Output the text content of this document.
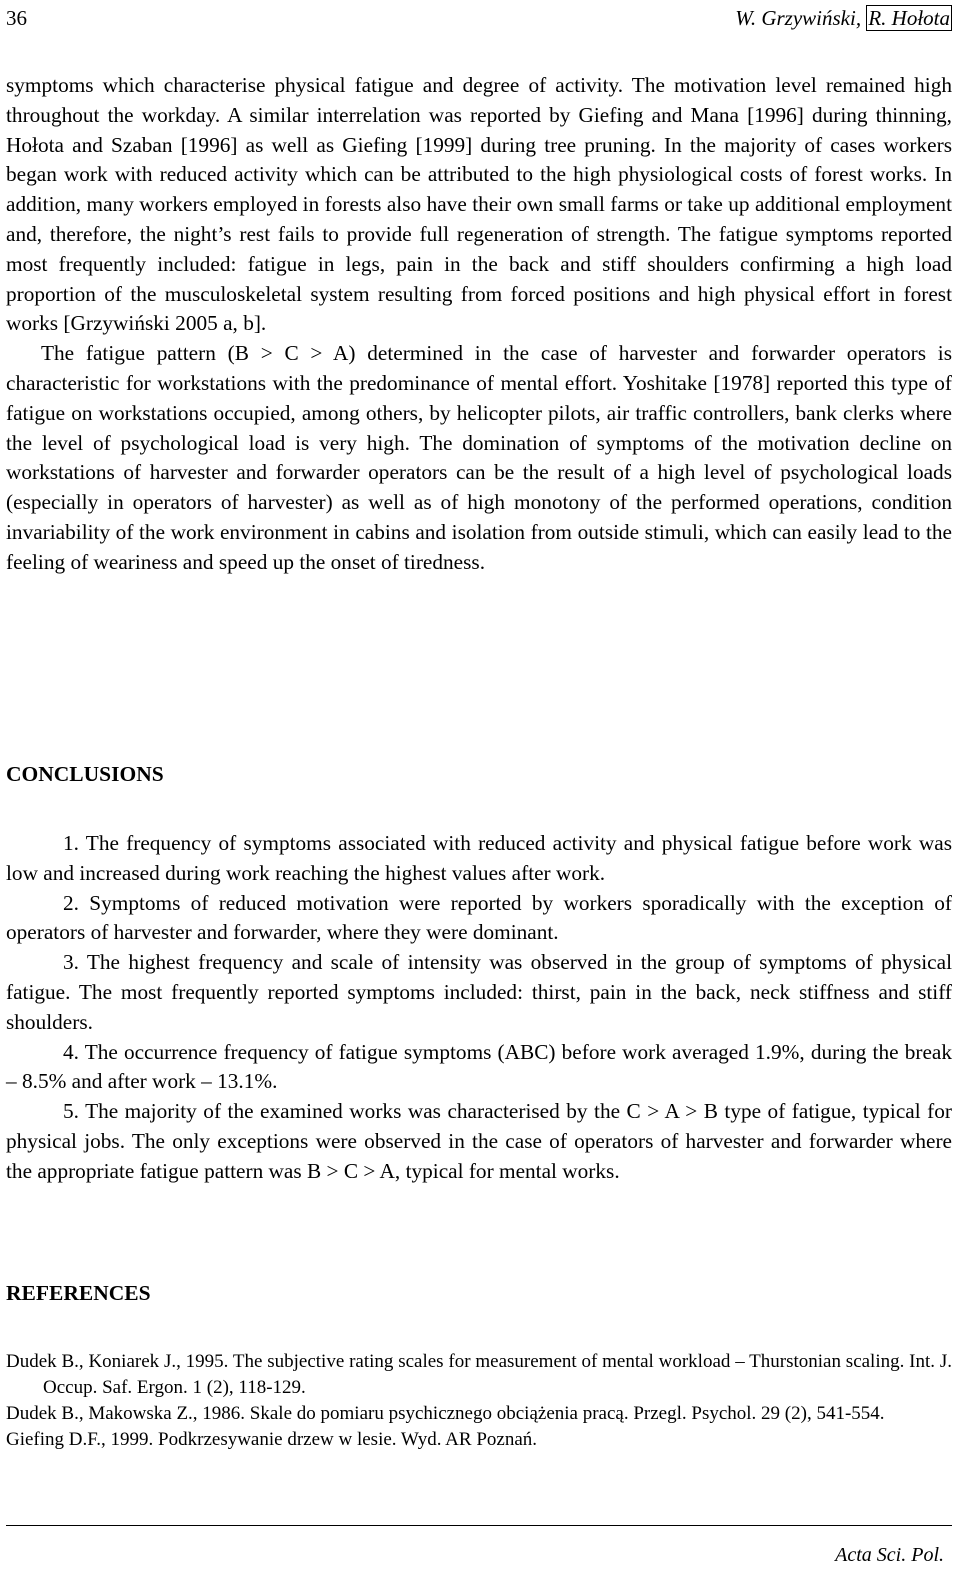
36	W. Grzywiński, R. Hołota

symptoms which characterise physical fatigue and degree of activity. The motivation level remained high throughout the workday. A similar interrelation was reported by Giefing and Mana [1996] during thinning, Hołota and Szaban [1996] as well as Giefing [1999] during tree pruning. In the majority of cases workers began work with reduced activity which can be attributed to the high physiological costs of forest works. In addition, many workers employed in forests also have their own small farms or take up additional employment and, therefore, the night’s rest fails to provide full regeneration of strength. The fatigue symptoms reported most frequently included: fatigue in legs, pain in the back and stiff shoulders confirming a high load proportion of the musculoskeletal system resulting from forced positions and high physical effort in forest works [Grzywiński 2005 a, b].

The fatigue pattern (B > C > A) determined in the case of harvester and forwarder operators is characteristic for workstations with the predominance of mental effort. Yoshitake [1978] reported this type of fatigue on workstations occupied, among others, by helicopter pilots, air traffic controllers, bank clerks where the level of psychological load is very high. The domination of symptoms of the motivation decline on workstations of harvester and forwarder operators can be the result of a high level of psychological loads (especially in operators of harvester) as well as of high monotony of the performed operations, condition invariability of the work environment in cabins and isolation from outside stimuli, which can easily lead to the feeling of weariness and speed up the onset of tiredness.

CONCLUSIONS

1. The frequency of symptoms associated with reduced activity and physical fatigue before work was low and increased during work reaching the highest values after work.

2. Symptoms of reduced motivation were reported by workers sporadically with the exception of operators of harvester and forwarder, where they were dominant.

3. The highest frequency and scale of intensity was observed in the group of symptoms of physical fatigue. The most frequently reported symptoms included: thirst, pain in the back, neck stiffness and stiff shoulders.

4. The occurrence frequency of fatigue symptoms (ABC) before work averaged 1.9%, during the break – 8.5% and after work – 13.1%.

5. The majority of the examined works was characterised by the C > A > B type of fatigue, typical for physical jobs. The only exceptions were observed in the case of operators of harvester and forwarder where the appropriate fatigue pattern was B > C > A, typical for mental works.

REFERENCES

Dudek B., Koniarek J., 1995. The subjective rating scales for measurement of mental workload – Thurstonian scaling. Int. J. Occup. Saf. Ergon. 1 (2), 118-129.

Dudek B., Makowska Z., 1986. Skale do pomiaru psychicznego obciążenia pracą. Przegl. Psychol. 29 (2), 541-554.

Giefing D.F., 1999. Podkrzesywanie drzew w lesie. Wyd. AR Poznań.

Acta Sci. Pol.
